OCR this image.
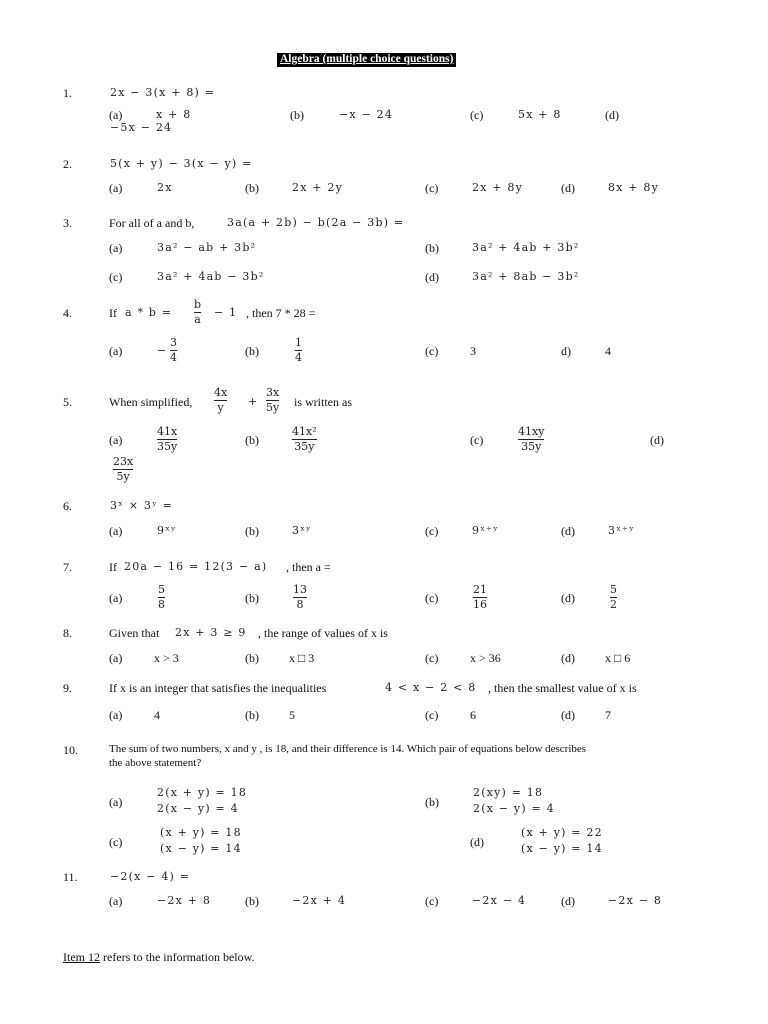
Algebra (multiple choice questions)
1.	2x − 3(x + 8) =
(a)	x + 8	(b)	−x − 24	(c)	5x + 8	(d)
−5x − 24
2.	5(x + y) − 3(x − y) =
(a)	2x	(b)	2x + 2y	(c)	2x + 8y	(d)	8x + 8y
3.	For all of a and b,	3a(a + 2b) − b(2a − 3b) =
(a)	3a² − ab + 3b²	(b)	3a² + 4ab + 3b²
(c)	3a² + 4ab − 3b²	(d)	3a² + 8ab − 3b²
4.	If a * b =
b
a
− 1 , then 7 * 28 =
(a)	−
3
4	(b)
1
4	(c)	3	d)	4
5.	When simplified,
4x
y +
3x
5y is written as
(a)
41x
35y	(b)
41x²
35y	(c)
41xy
35y	(d)
23x
5y
6.	3ˣ × 3ʸ =
(a)	9ˣʸ	(b)	3ˣʸ	(c)	9ˣ⁺ʸ	(d)	3ˣ⁺ʸ
7.	If 20a − 16 = 12(3 − a) , then a =
(a)
5
8	(b)
13
8	(c)
21
16	(d)
5
2
8.	Given that 2x + 3 ≥ 9 , the range of values of x is
(a)	x > 3	(b)	x □ 3	(c)	x > 36	(d)	x □ 6
9.	If x is an integer that satisfies the inequalities	4 < x − 2 < 8 , then the smallest value of x is
(a)	4	(b)	5	(c)	6	(d)	7
10.	The sum of two numbers, x and y , is 18, and their difference is 14. Which pair of equations below describes
the above statement?
(a)
2(x + y) = 18
2(x − y) = 4	(b)
2(xy) = 18
2(x − y) = 4
(c)
(x + y) = 18
(x − y) = 14	(d)
(x + y) = 22
(x − y) = 14
11.	−2(x − 4) =
(a)	−2x + 8	(b)	−2x + 4	(c)	−2x − 4	(d)	−2x − 8
Item 12 refers to the information below.
